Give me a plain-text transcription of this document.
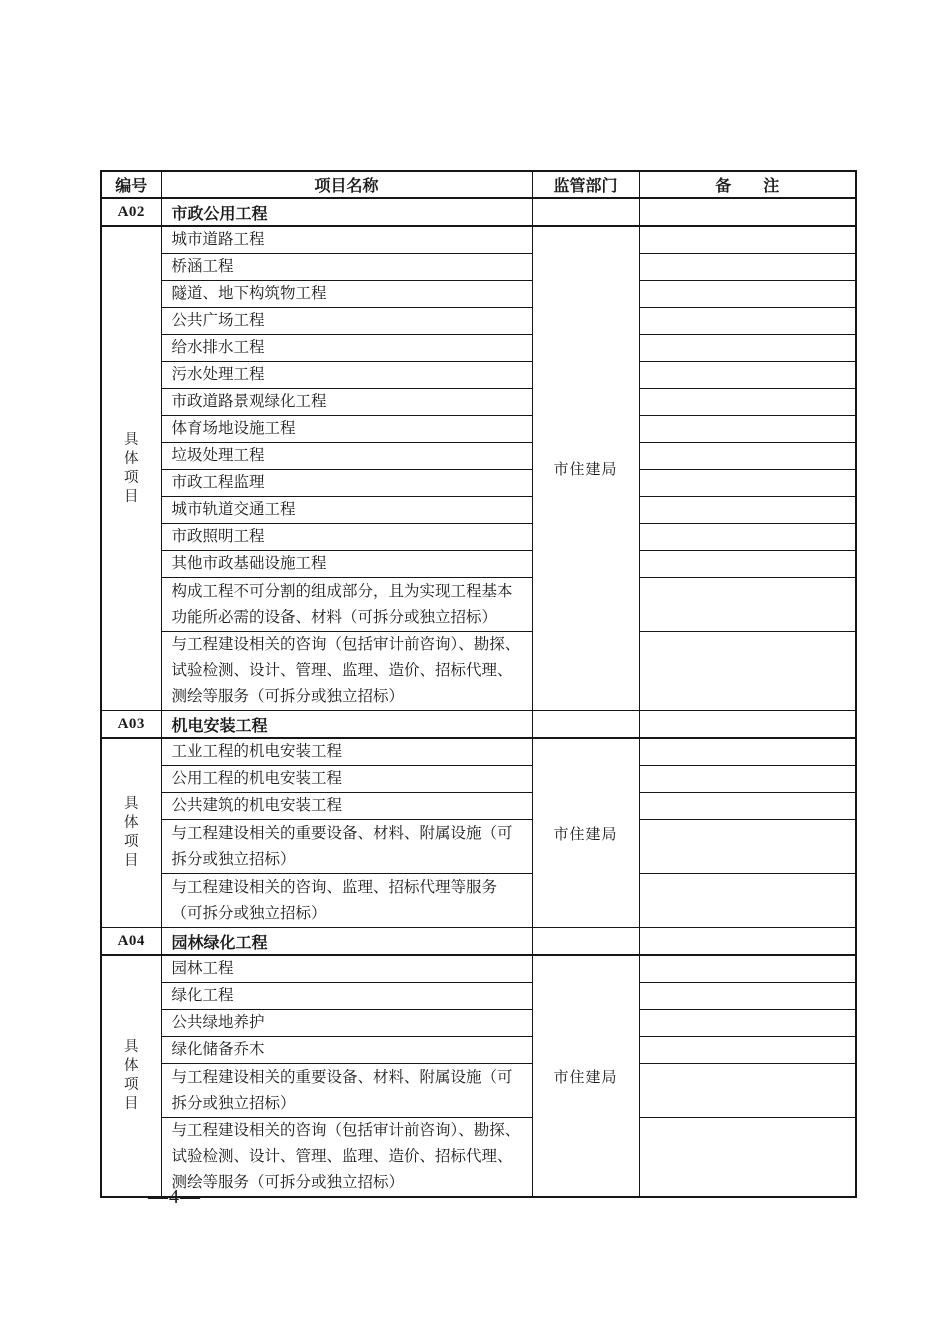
编号	项目名称	监管部门	备　　注
A02	市政公用工程		
具体项目	城市道路工程	市住建局	
	桥涵工程		
	隧道、地下构筑物工程		
	公共广场工程		
	给水排水工程		
	污水处理工程		
	市政道路景观绿化工程		
	体育场地设施工程		
	垃圾处理工程		
	市政工程监理		
	城市轨道交通工程		
	市政照明工程		
	其他市政基础设施工程		
	构成工程不可分割的组成部分，且为实现工程基本功能所必需的设备、材料（可拆分或独立招标）		
	与工程建设相关的咨询（包括审计前咨询）、勘探、试验检测、设计、管理、监理、造价、招标代理、测绘等服务（可拆分或独立招标）		
A03	机电安装工程		
具体项目	工业工程的机电安装工程	市住建局	
	公用工程的机电安装工程		
	公共建筑的机电安装工程		
	与工程建设相关的重要设备、材料、附属设施（可拆分或独立招标）		
	与工程建设相关的咨询、监理、招标代理等服务（可拆分或独立招标）		
A04	园林绿化工程		
具体项目	园林工程	市住建局	
	绿化工程		
	公共绿地养护		
	绿化储备乔木		
	与工程建设相关的重要设备、材料、附属设施（可拆分或独立招标）		
	与工程建设相关的咨询（包括审计前咨询）、勘探、试验检测、设计、管理、监理、造价、招标代理、测绘等服务（可拆分或独立招标）		
—4—
